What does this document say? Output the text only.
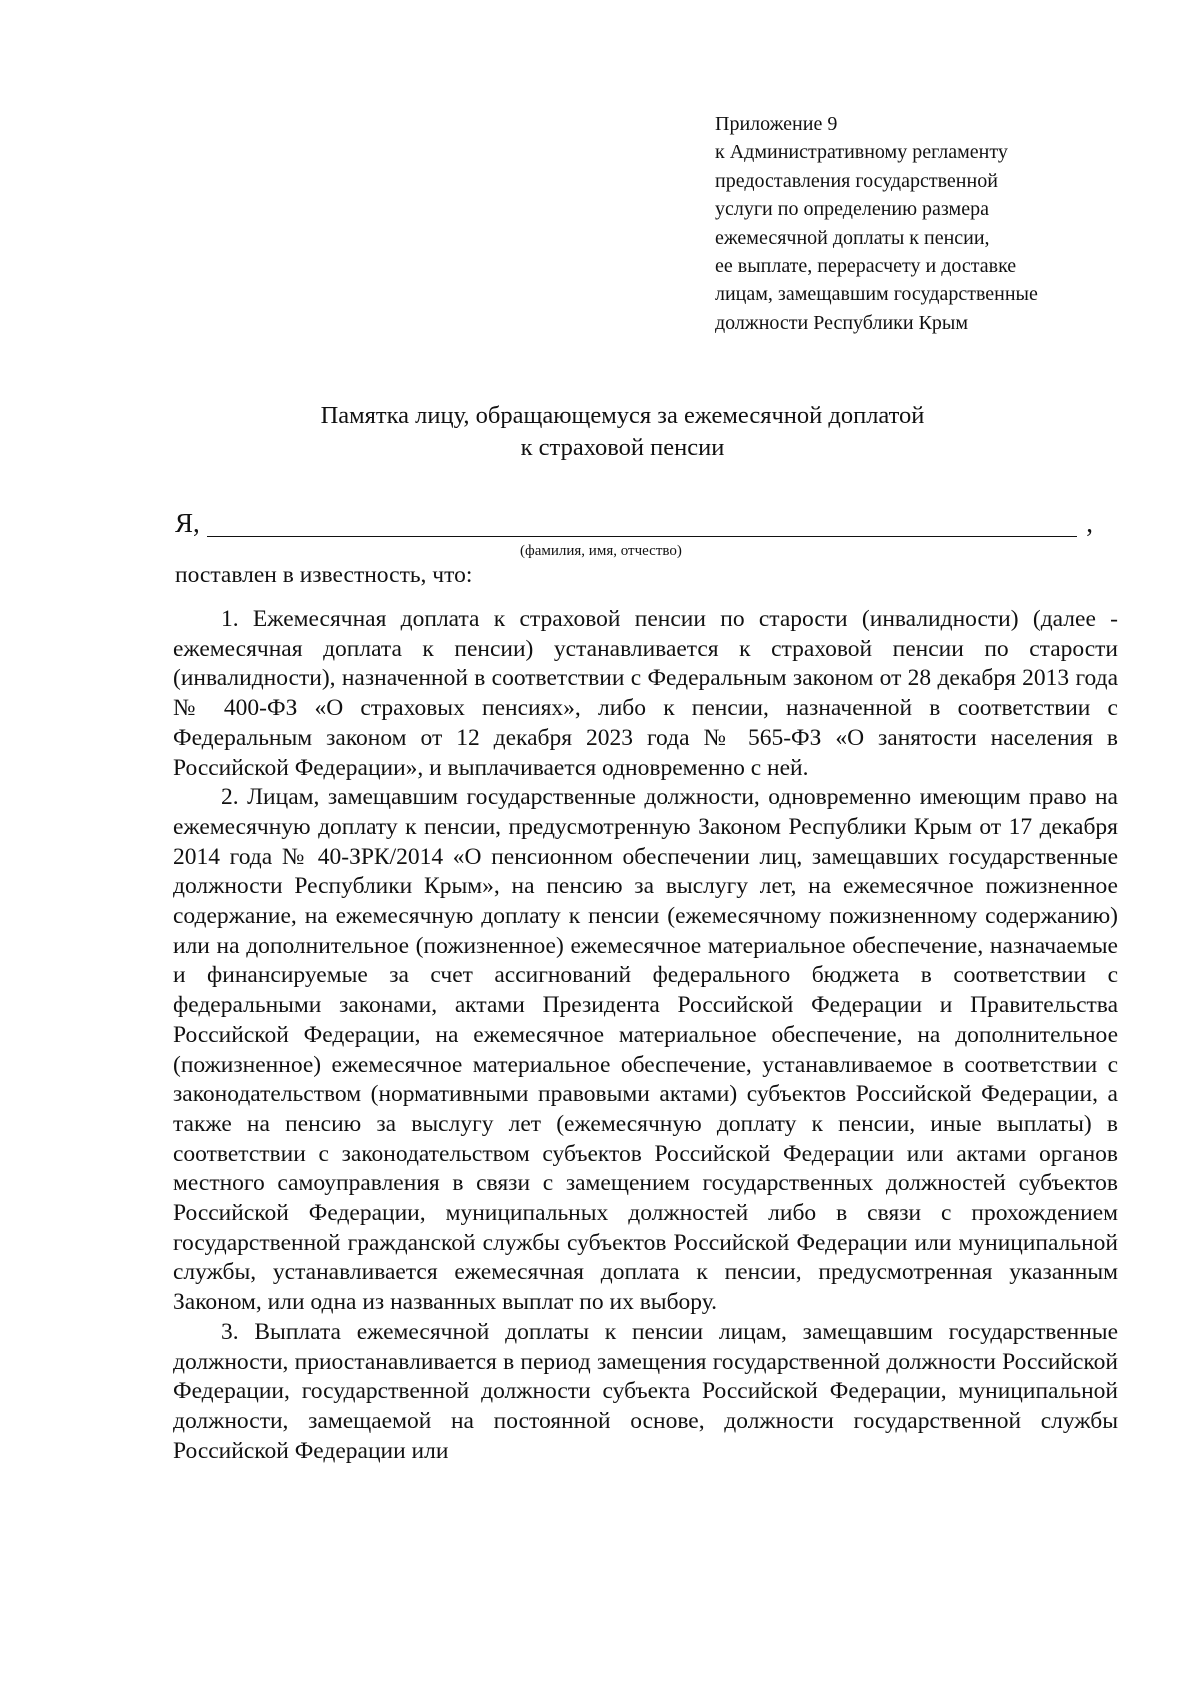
Приложение 9
к Административному регламенту
предоставления государственной
услуги по определению размера
ежемесячной доплаты к пенсии,
ее выплате, перерасчету и доставке
лицам, замещавшим государственные
должности Республики Крым
Памятка лицу, обращающемуся за ежемесячной доплатой
к страховой пенсии
Я,	,
(фамилия, имя, отчество)
поставлен в известность, что:

1. Ежемесячная доплата к страховой пенсии по старости (инвалидности) (далее - ежемесячная доплата к пенсии) устанавливается к страховой пенсии по старости (инвалидности), назначенной в соответствии с Федеральным законом от 28 декабря 2013 года № 400-ФЗ «О страховых пенсиях», либо к пенсии, назначенной в соответствии с Федеральным законом от 12 декабря 2023 года № 565-ФЗ «О занятости населения в Российской Федерации», и выплачивается одновременно с ней.

2. Лицам, замещавшим государственные должности, одновременно имеющим право на ежемесячную доплату к пенсии, предусмотренную Законом Республики Крым от 17 декабря 2014 года № 40-ЗРК/2014 «О пенсионном обеспечении лиц, замещавших государственные должности Республики Крым», на пенсию за выслугу лет, на ежемесячное пожизненное содержание, на ежемесячную доплату к пенсии (ежемесячному пожизненному содержанию) или на дополнительное (пожизненное) ежемесячное материальное обеспечение, назначаемые и финансируемые за счет ассигнований федерального бюджета в соответствии с федеральными законами, актами Президента Российской Федерации и Правительства Российской Федерации, на ежемесячное материальное обеспечение, на дополнительное (пожизненное) ежемесячное материальное обеспечение, устанавливаемое в соответствии с законодательством (нормативными правовыми актами) субъектов Российской Федерации, а также на пенсию за выслугу лет (ежемесячную доплату к пенсии, иные выплаты) в соответствии с законодательством субъектов Российской Федерации или актами органов местного самоуправления в связи с замещением государственных должностей субъектов Российской Федерации, муниципальных должностей либо в связи с прохождением государственной гражданской службы субъектов Российской Федерации или муниципальной службы, устанавливается ежемесячная доплата к пенсии, предусмотренная указанным Законом, или одна из названных выплат по их выбору.

3. Выплата ежемесячной доплаты к пенсии лицам, замещавшим государственные должности, приостанавливается в период замещения государственной должности Российской Федерации, государственной должности субъекта Российской Федерации, муниципальной должности, замещаемой на постоянной основе, должности государственной службы Российской Федерации или
